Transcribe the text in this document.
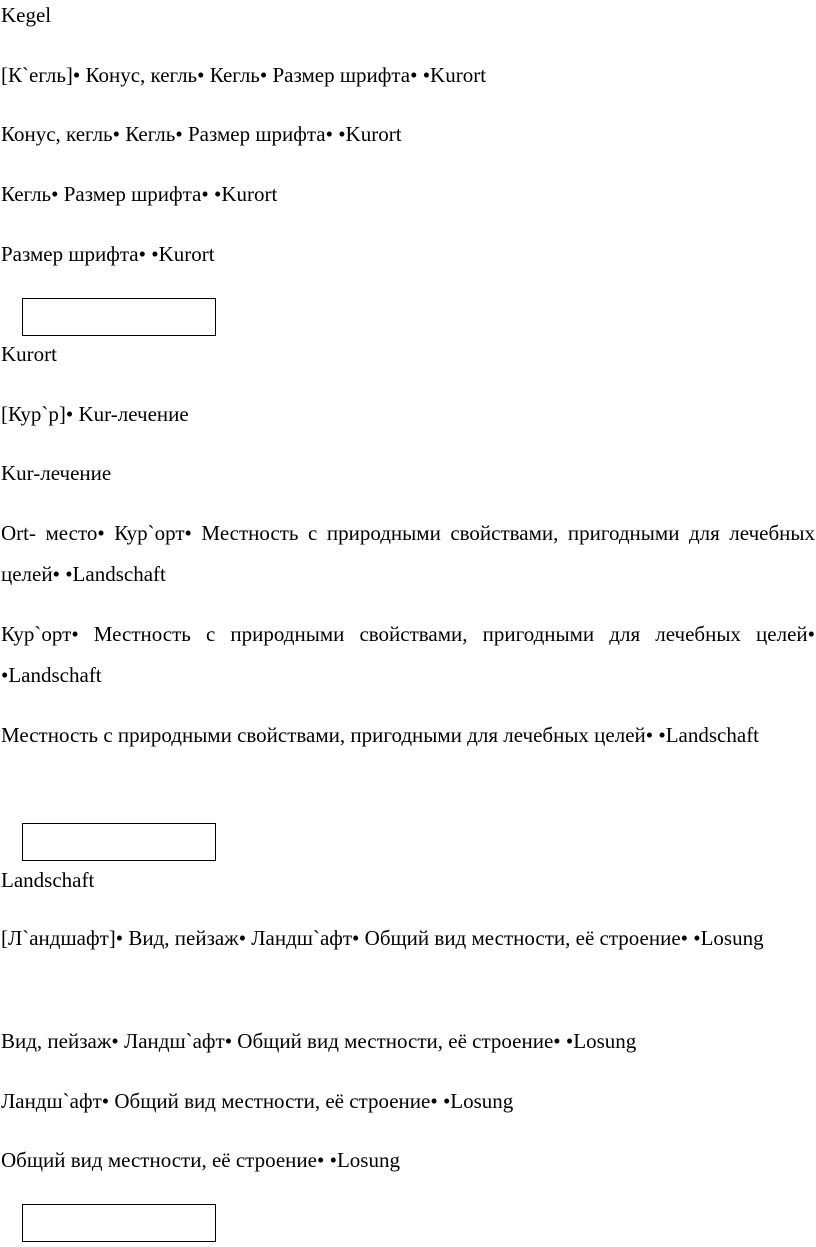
Kegel

[К`егль]• Конус, кегль• Кегль• Размер шрифта• •Kurort

Конус, кегль• Кегль• Размер шрифта• •Kurort

Кегль• Размер шрифта• •Kurort

Размер шрифта• •Kurort

Kurort

[Кур`р]• Kur-лечение

Kur-лечение

Ort- место• Кур`орт• Местность с природными свойствами, пригодными для лечебных целей• •Landschaft

Кур`орт• Местность с природными свойствами, пригодными для лечебных целей• •Landschaft

Местность с природными свойствами, пригодными для лечебных целей• •Landschaft

Landschaft

[Л`андшафт]• Вид, пейзаж• Ландш`афт• Общий вид местности, её строение• •Losung

Вид, пейзаж• Ландш`афт• Общий вид местности, её строение• •Losung

Ландш`афт• Общий вид местности, её строение• •Losung

Общий вид местности, её строение• •Losung
